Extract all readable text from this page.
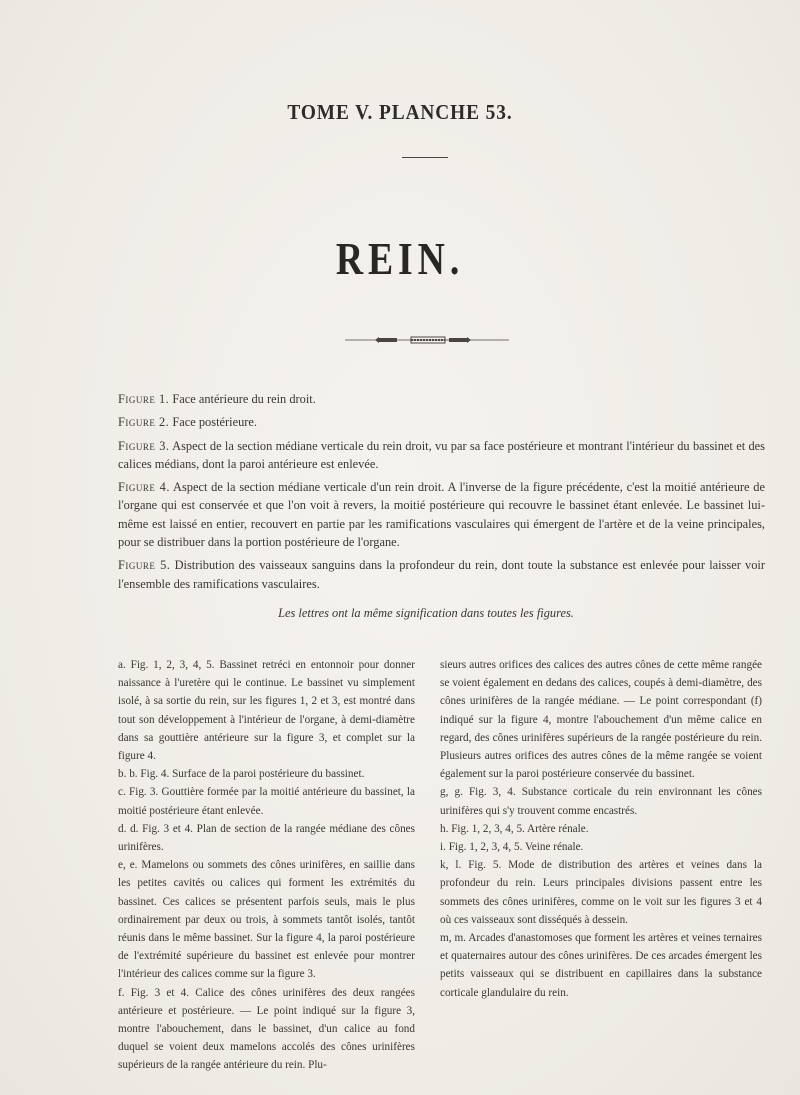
TOME V. PLANCHE 53.
REIN.

Figure 1. Face antérieure du rein droit.

Figure 2. Face postérieure.

Figure 3. Aspect de la section médiane verticale du rein droit, vu par sa face postérieure et montrant l'intérieur du bassinet et des calices médians, dont la paroi antérieure est enlevée.

Figure 4. Aspect de la section médiane verticale d'un rein droit. A l'inverse de la figure précédente, c'est la moitié antérieure de l'organe qui est conservée et que l'on voit à revers, la moitié postérieure qui recouvre le bassinet étant enlevée. Le bassinet lui-même est laissé en entier, recouvert en partie par les ramifications vasculaires qui émergent de l'artère et de la veine principales, pour se distribuer dans la portion postérieure de l'organe.

Figure 5. Distribution des vaisseaux sanguins dans la profondeur du rein, dont toute la substance est enlevée pour laisser voir l'ensemble des ramifications vasculaires.

Les lettres ont la même signification dans toutes les figures.

a. Fig. 1, 2, 3, 4, 5. Bassinet retréci en entonnoir pour donner naissance à l'uretère qui le continue. Le bassinet vu simplement isolé, à sa sortie du rein, sur les figures 1, 2 et 3, est montré dans tout son développement à l'intérieur de l'organe, à demi-diamètre dans sa gouttière antérieure sur la figure 3, et complet sur la figure 4.

b. b. Fig. 4. Surface de la paroi postérieure du bassinet.

c. Fig. 3. Gouttière formée par la moitié antérieure du bassinet, la moitié postérieure étant enlevée.

d. d. Fig. 3 et 4. Plan de section de la rangée médiane des cônes urinifères.

e, e. Mamelons ou sommets des cônes urinifères, en saillie dans les petites cavités ou calices qui forment les extrémités du bassinet. Ces calices se présentent parfois seuls, mais le plus ordinairement par deux ou trois, à sommets tantôt isolés, tantôt réunis dans le même bassinet. Sur la figure 4, la paroi postérieure de l'extrémité supérieure du bassinet est enlevée pour montrer l'intérieur des calices comme sur la figure 3.

f. Fig. 3 et 4. Calice des cônes urinifères des deux rangées antérieure et postérieure. — Le point indiqué sur la figure 3, montre l'abouchement, dans le bassinet, d'un calice au fond duquel se voient deux mamelons accolés des cônes urinifères supérieurs de la rangée antérieure du rein. Plu-

sieurs autres orifices des calices des autres cônes de cette même rangée se voient également en dedans des calices, coupés à demi-diamètre, des cônes urinifères de la rangée médiane. — Le point correspondant (f) indiqué sur la figure 4, montre l'abouchement d'un même calice en regard, des cônes urinifères supérieurs de la rangée postérieure du rein. Plusieurs autres orifices des autres cônes de la même rangée se voient également sur la paroi postérieure conservée du bassinet.

g, g. Fig. 3, 4. Substance corticale du rein environnant les cônes urinifères qui s'y trouvent comme encastrés.

h. Fig. 1, 2, 3, 4, 5. Artère rénale.

i. Fig. 1, 2, 3, 4, 5. Veine rénale.

k, l. Fig. 5. Mode de distribution des artères et veines dans la profondeur du rein. Leurs principales divisions passent entre les sommets des cônes urinifères, comme on le voit sur les figures 3 et 4 où ces vaisseaux sont disséqués à dessein.

m, m. Arcades d'anastomoses que forment les artères et veines ternaires et quaternaires autour des cônes urinifères. De ces arcades émergent les petits vaisseaux qui se distribuent en capillaires dans la substance corticale glandulaire du rein.
